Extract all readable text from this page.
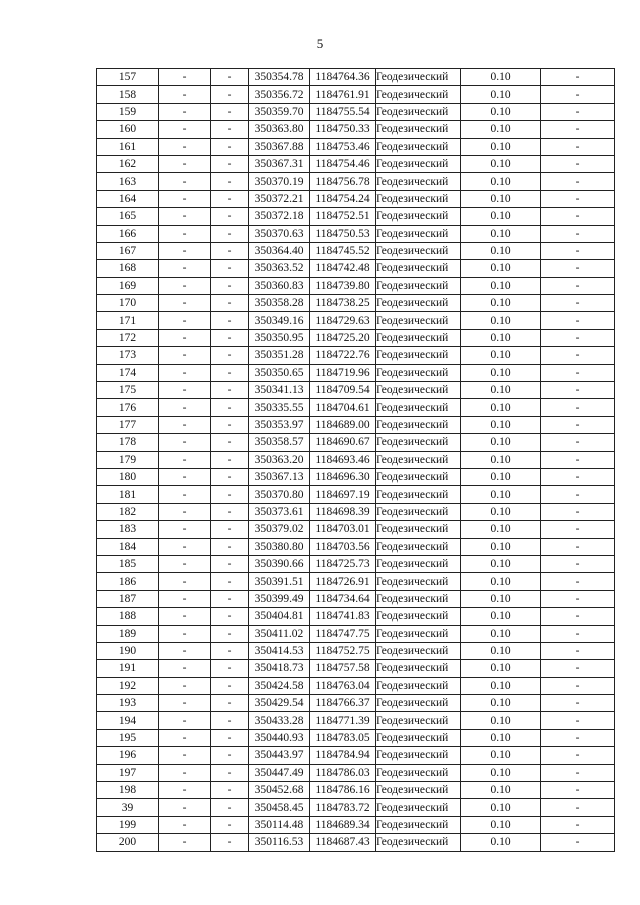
5
157	-	-	350354.78	1184764.36	Геодезический	0.10	-
158	-	-	350356.72	1184761.91	Геодезический	0.10	-
159	-	-	350359.70	1184755.54	Геодезический	0.10	-
160	-	-	350363.80	1184750.33	Геодезический	0.10	-
161	-	-	350367.88	1184753.46	Геодезический	0.10	-
162	-	-	350367.31	1184754.46	Геодезический	0.10	-
163	-	-	350370.19	1184756.78	Геодезический	0.10	-
164	-	-	350372.21	1184754.24	Геодезический	0.10	-
165	-	-	350372.18	1184752.51	Геодезический	0.10	-
166	-	-	350370.63	1184750.53	Геодезический	0.10	-
167	-	-	350364.40	1184745.52	Геодезический	0.10	-
168	-	-	350363.52	1184742.48	Геодезический	0.10	-
169	-	-	350360.83	1184739.80	Геодезический	0.10	-
170	-	-	350358.28	1184738.25	Геодезический	0.10	-
171	-	-	350349.16	1184729.63	Геодезический	0.10	-
172	-	-	350350.95	1184725.20	Геодезический	0.10	-
173	-	-	350351.28	1184722.76	Геодезический	0.10	-
174	-	-	350350.65	1184719.96	Геодезический	0.10	-
175	-	-	350341.13	1184709.54	Геодезический	0.10	-
176	-	-	350335.55	1184704.61	Геодезический	0.10	-
177	-	-	350353.97	1184689.00	Геодезический	0.10	-
178	-	-	350358.57	1184690.67	Геодезический	0.10	-
179	-	-	350363.20	1184693.46	Геодезический	0.10	-
180	-	-	350367.13	1184696.30	Геодезический	0.10	-
181	-	-	350370.80	1184697.19	Геодезический	0.10	-
182	-	-	350373.61	1184698.39	Геодезический	0.10	-
183	-	-	350379.02	1184703.01	Геодезический	0.10	-
184	-	-	350380.80	1184703.56	Геодезический	0.10	-
185	-	-	350390.66	1184725.73	Геодезический	0.10	-
186	-	-	350391.51	1184726.91	Геодезический	0.10	-
187	-	-	350399.49	1184734.64	Геодезический	0.10	-
188	-	-	350404.81	1184741.83	Геодезический	0.10	-
189	-	-	350411.02	1184747.75	Геодезический	0.10	-
190	-	-	350414.53	1184752.75	Геодезический	0.10	-
191	-	-	350418.73	1184757.58	Геодезический	0.10	-
192	-	-	350424.58	1184763.04	Геодезический	0.10	-
193	-	-	350429.54	1184766.37	Геодезический	0.10	-
194	-	-	350433.28	1184771.39	Геодезический	0.10	-
195	-	-	350440.93	1184783.05	Геодезический	0.10	-
196	-	-	350443.97	1184784.94	Геодезический	0.10	-
197	-	-	350447.49	1184786.03	Геодезический	0.10	-
198	-	-	350452.68	1184786.16	Геодезический	0.10	-
39	-	-	350458.45	1184783.72	Геодезический	0.10	-
199	-	-	350114.48	1184689.34	Геодезический	0.10	-
200	-	-	350116.53	1184687.43	Геодезический	0.10	-
